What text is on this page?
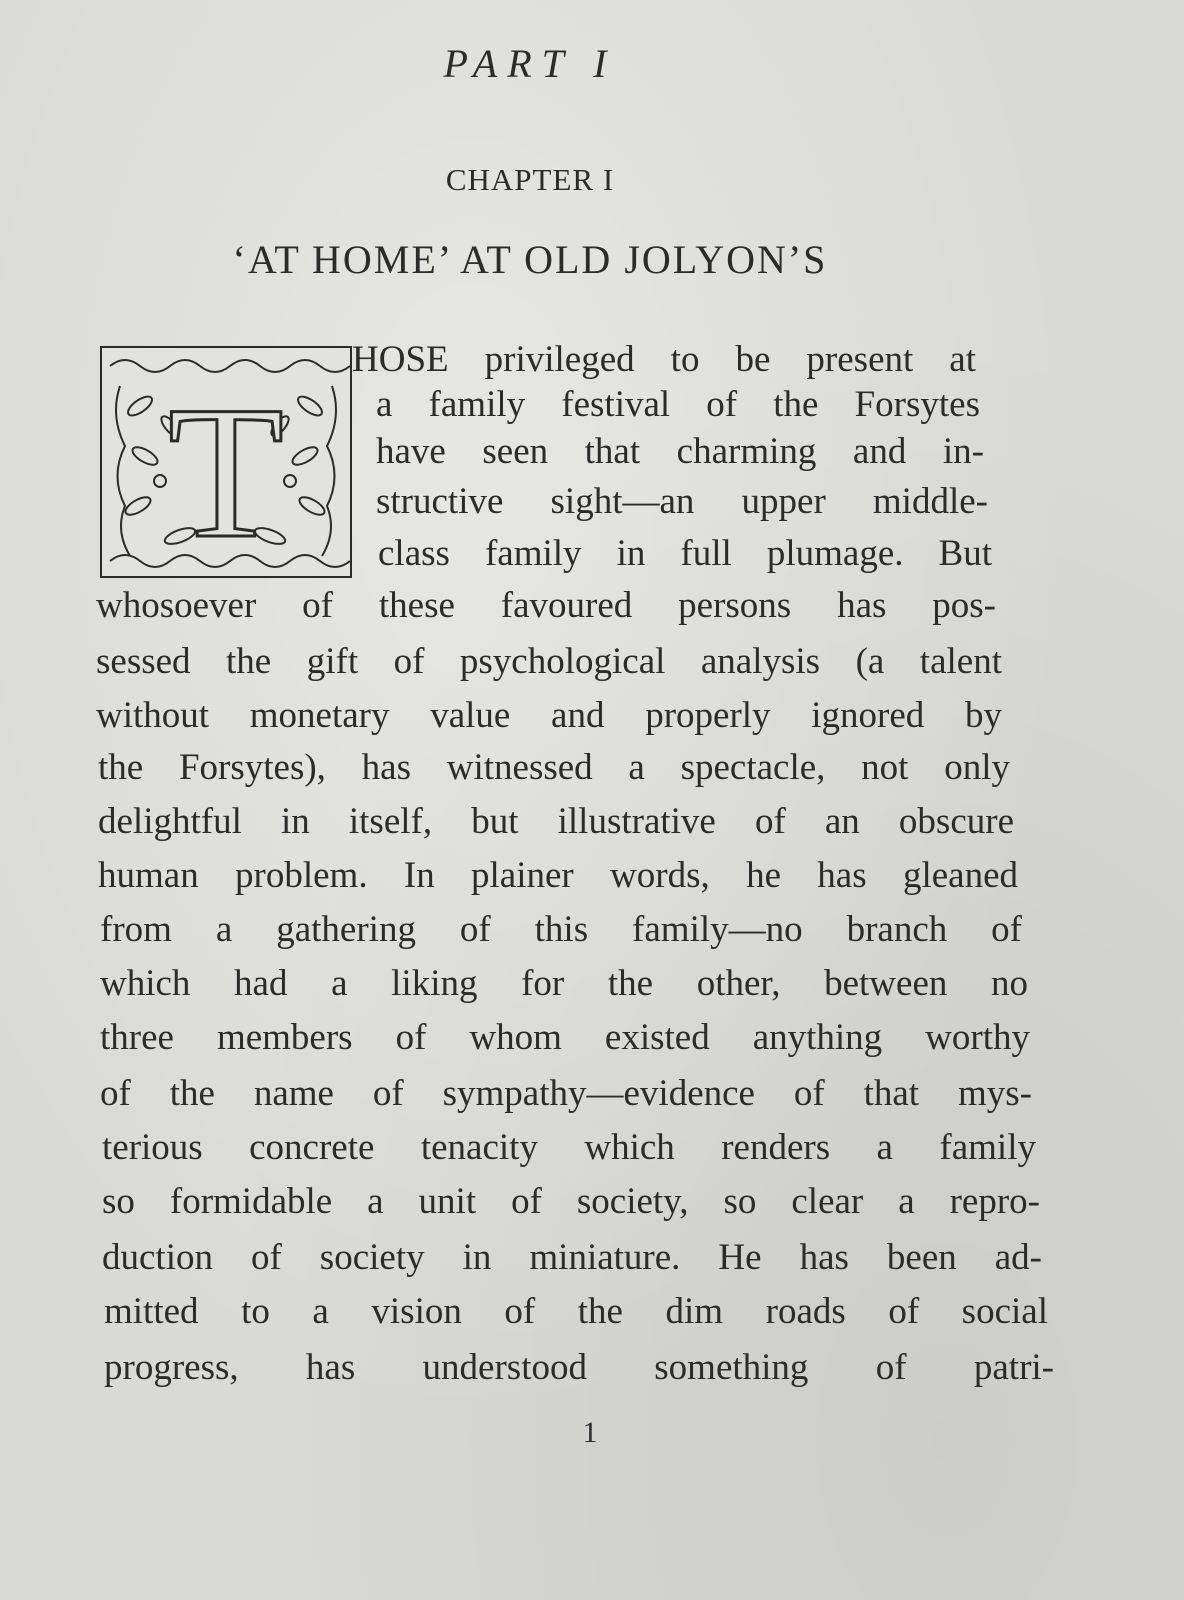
PART I
CHAPTER I
‘AT HOME’ AT OLD JOLYON’S
T
HOSE privileged to be present at
a family festival of the Forsytes
have seen that charming and in-
structive sight—an upper middle-
class family in full plumage. But
whosoever of these favoured persons has pos-
sessed the gift of psychological analysis (a talent
without monetary value and properly ignored by
the Forsytes), has witnessed a spectacle, not only
delightful in itself, but illustrative of an obscure
human problem. In plainer words, he has gleaned
from a gathering of this family—no branch of
which had a liking for the other, between no
three members of whom existed anything worthy
of the name of sympathy—evidence of that mys-
terious concrete tenacity which renders a family
so formidable a unit of society, so clear a repro-
duction of society in miniature. He has been ad-
mitted to a vision of the dim roads of social
progress, has understood something of patri-
1
